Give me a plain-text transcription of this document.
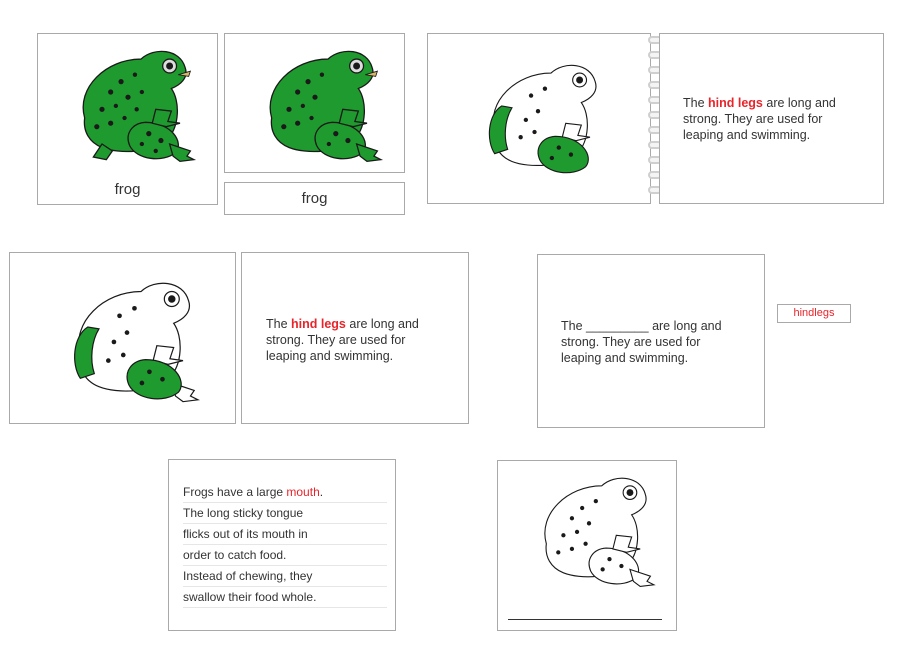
frog
frog
The hind legs are long and strong. They are used for leaping and swimming.
The hind legs are long and strong. They are used for leaping and swimming.
The _________ are long and strong. They are used for leaping and swimming.
hindlegs
Frogs have a large mouth.
The long sticky tongue
flicks out of its mouth in
order to catch food.
Instead of chewing, they
swallow their food whole.
